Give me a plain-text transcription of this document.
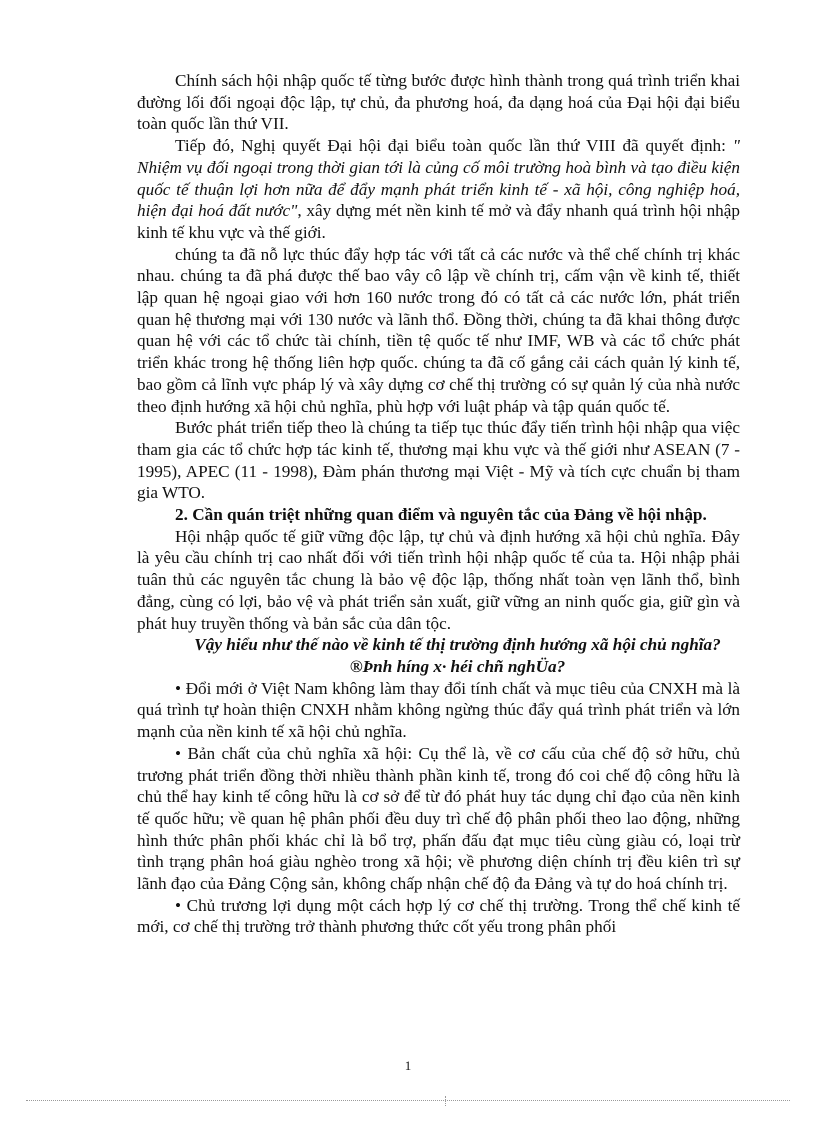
Chính sách hội nhập quốc tế từng bước được hình thành trong quá trình triển khai đường lối đối ngoại độc lập, tự chủ, đa phương hoá, đa dạng hoá của Đại hội đại biểu toàn quốc lần thứ VII.

Tiếp đó, Nghị quyết Đại hội đại biểu toàn quốc lần thứ VIII đã quyết định: " Nhiệm vụ đối ngoại trong thời gian tới là củng cố môi trường hoà bình và tạo điều kiện quốc tế thuận lợi hơn nữa để đẩy mạnh phát triển kinh tế - xã hội, công nghiệp hoá, hiện đại hoá đất nước", xây dựng mét nền kinh tế mở và đẩy nhanh quá trình hội nhập kinh tế khu vực và thế giới.

chúng ta đã nỗ lực thúc đẩy hợp tác với tất cả các nước và thể chế chính trị khác nhau. chúng ta đã phá được thế bao vây cô lập về chính trị, cấm vận về kinh tế, thiết lập quan hệ ngoại giao với hơn 160 nước trong đó có tất cả các nước lớn, phát triển quan hệ thương mại với 130 nước và lãnh thổ. Đồng thời, chúng ta đã khai thông được quan hệ với các tổ chức tài chính, tiền tệ quốc tế như IMF, WB và các tổ chức phát triển khác trong hệ thống liên hợp quốc. chúng ta đã cố gắng cải cách quản lý kinh tế, bao gồm cả lĩnh vực pháp lý và xây dựng cơ chế thị trường có sự quản lý của nhà nước theo định hướng xã hội chủ nghĩa, phù hợp với luật pháp và tập quán quốc tế.

Bước phát triển tiếp theo là chúng ta tiếp tục thúc đẩy tiến trình hội nhập qua việc tham gia các tổ chức hợp tác kinh tế, thương mại khu vực và thế giới như ASEAN (7 - 1995), APEC (11 - 1998), Đàm phán thương mại Việt - Mỹ và tích cực chuẩn bị tham gia WTO.

2. Cần quán triệt những quan điểm và nguyên tắc của Đảng về hội nhập.

Hội nhập quốc tế giữ vững độc lập, tự chủ và định hướng xã hội chủ nghĩa. Đây là yêu cầu chính trị cao nhất đối với tiến trình hội nhập quốc tế của ta. Hội nhập phải tuân thủ các nguyên tắc chung là bảo vệ độc lập, thống nhất toàn vẹn lãnh thổ, bình đẳng, cùng có lợi, bảo vệ và phát triển sản xuất, giữ vững an ninh quốc gia, giữ gìn và phát huy truyền thống và bản sắc của dân tộc.

Vậy hiểu như thế nào về kinh tế thị trường định hướng xã hội chủ nghĩa?

®Þnh híng x· héi chñ nghÜa?

• Đổi mới ở Việt Nam không làm thay đổi tính chất và mục tiêu của CNXH mà là quá trình tự hoàn thiện CNXH nhằm không ngừng thúc đẩy quá trình phát triển và lớn mạnh của nền kinh tế xã hội chủ nghĩa.

• Bản chất của chủ nghĩa xã hội: Cụ thể là, về cơ cấu của chế độ sở hữu, chủ trương phát triển đồng thời nhiều thành phần kinh tế, trong đó coi chế độ công hữu là chủ thể hay kinh tế công hữu là cơ sở để từ đó phát huy tác dụng chỉ đạo của nền kinh tế quốc hữu; về quan hệ phân phối đều duy trì chế độ phân phối theo lao động, những hình thức phân phối khác chỉ là bổ trợ, phấn đấu đạt mục tiêu cùng giàu có, loại trừ tình trạng phân hoá giàu nghèo trong xã hội; về phương diện chính trị đều kiên trì sự lãnh đạo của Đảng Cộng sản, không chấp nhận chế độ đa Đảng và tự do hoá chính trị.

• Chủ trương lợi dụng một cách hợp lý cơ chế thị trường. Trong thể chế kinh tế mới, cơ chế thị trường trở thành phương thức cốt yếu trong phân phối

1
